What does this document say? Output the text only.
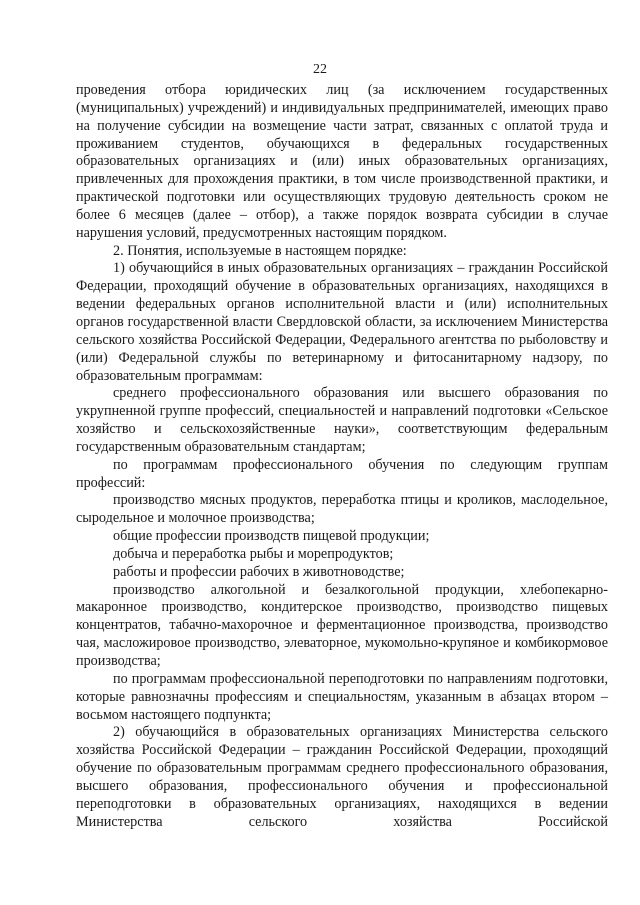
22

проведения отбора юридических лиц (за исключением государственных (муниципальных) учреждений) и индивидуальных предпринимателей, имеющих право на получение субсидии на возмещение части затрат, связанных с оплатой труда и проживанием студентов, обучающихся в федеральных государственных образовательных организациях и (или) иных образовательных организациях, привлеченных для прохождения практики, в том числе производственной практики, и практической подготовки или осуществляющих трудовую деятельность сроком не более 6 месяцев (далее – отбор), а также порядок возврата субсидии в случае нарушения условий, предусмотренных настоящим порядком.

2. Понятия, используемые в настоящем порядке:

1) обучающийся в иных образовательных организациях – гражданин Российской Федерации, проходящий обучение в образовательных организациях, находящихся в ведении федеральных органов исполнительной власти и (или) исполнительных органов государственной власти Свердловской области, за исключением Министерства сельского хозяйства Российской Федерации, Федерального агентства по рыболовству и (или) Федеральной службы по ветеринарному и фитосанитарному надзору, по образовательным программам:

среднего профессионального образования или высшего образования по укрупненной группе профессий, специальностей и направлений подготовки «Сельское хозяйство и сельскохозяйственные науки», соответствующим федеральным государственным образовательным стандартам;

по программам профессионального обучения по следующим группам профессий:

производство мясных продуктов, переработка птицы и кроликов, маслодельное, сыродельное и молочное производства;

общие профессии производств пищевой продукции;

добыча и переработка рыбы и морепродуктов;

работы и профессии рабочих в животноводстве;

производство алкогольной и безалкогольной продукции, хлебопекарно-макаронное производство, кондитерское производство, производство пищевых концентратов, табачно-махорочное и ферментационное производства, производство чая, масложировое производство, элеваторное, мукомольно-крупяное и комбикормовое производства;

по программам профессиональной переподготовки по направлениям подготовки, которые равнозначны профессиям и специальностям, указанным в абзацах втором – восьмом настоящего подпункта;

2) обучающийся в образовательных организациях Министерства сельского хозяйства Российской Федерации – гражданин Российской Федерации, проходящий обучение по образовательным программам среднего профессионального образования, высшего образования, профессионального обучения и профессиональной переподготовки в образовательных организациях, находящихся в ведении Министерства сельского хозяйства Российской
